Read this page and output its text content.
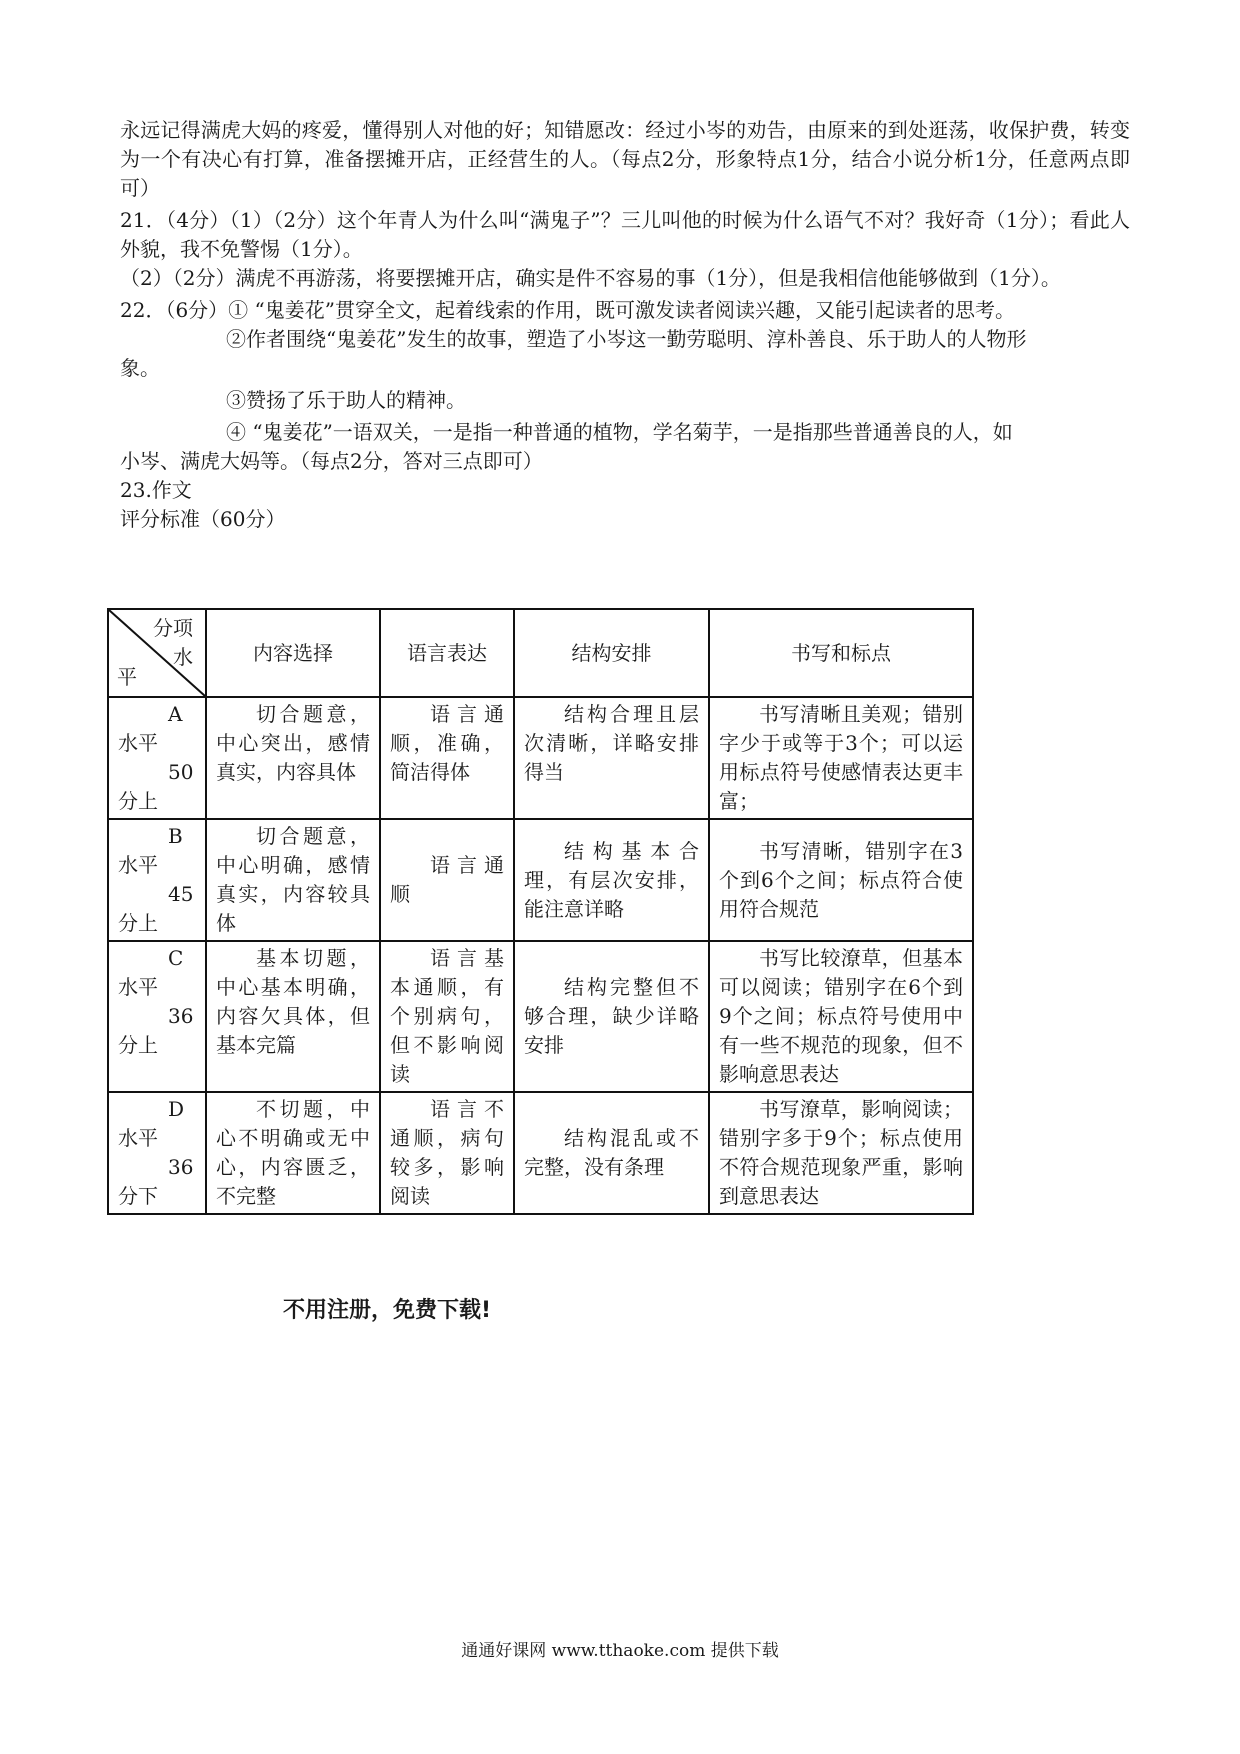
永远记得满虎大妈的疼爱，懂得别人对他的好；知错愿改：经过小岑的劝告，由原来的到处逛荡，收保护费，转变为一个有决心有打算，准备摆摊开店，正经营生的人。（每点2分，形象特点1分，结合小说分析1分，任意两点即可）

21．（4分）（1）（2分）这个年青人为什么叫“满鬼子”？三儿叫他的时候为什么语气不对？我好奇（1分）；看此人外貌，我不免警惕（1分）。

（2）（2分）满虎不再游荡，将要摆摊开店，确实是件不容易的事（1分），但是我相信他能够做到（1分）。

22．（6分）① “鬼姜花”贯穿全文，起着线索的作用，既可激发读者阅读兴趣，又能引起读者的思考。

②作者围绕“鬼姜花”发生的故事，塑造了小岑这一勤劳聪明、淳朴善良、乐于助人的人物形

象。

③赞扬了乐于助人的精神。

④ “鬼姜花”一语双关，一是指一种普通的植物，学名菊芋，一是指那些普通善良的人，如

小岑、满虎大妈等。（每点2分，答对三点即可）

23.作文

评分标准（60分）

分项
水
平	内容选择	语言表达	结构安排	书写和标点

A
水平
50
分上	切合题意，中心突出，感情真实，内容具体	语言通顺，准确，简洁得体	结构合理且层次清晰，详略安排得当	书写清晰且美观；错别字少于或等于3个；可以运用标点符号使感情表达更丰富；

B
水平
45
分上	切合题意，中心明确，感情真实，内容较具体	语言通顺	结构基本合理，有层次安排，能注意详略	书写清晰，错别字在3个到6个之间；标点符合使用符合规范

C
水平
36
分上	基本切题，中心基本明确，内容欠具体，但基本完篇	语言基本通顺，有个别病句，但不影响阅读	结构完整但不够合理，缺少详略安排	书写比较潦草，但基本可以阅读；错别字在6个到9个之间；标点符号使用中有一些不规范的现象，但不影响意思表达

D
水平
36
分下	不切题，中心不明确或无中心，内容匮乏，不完整	语言不通顺，病句较多，影响阅读	结构混乱或不完整，没有条理	书写潦草，影响阅读；错别字多于9个；标点使用不符合规范现象严重，影响到意思表达
不用注册，免费下载!
通通好课网 www.tthaoke.com 提供下载
